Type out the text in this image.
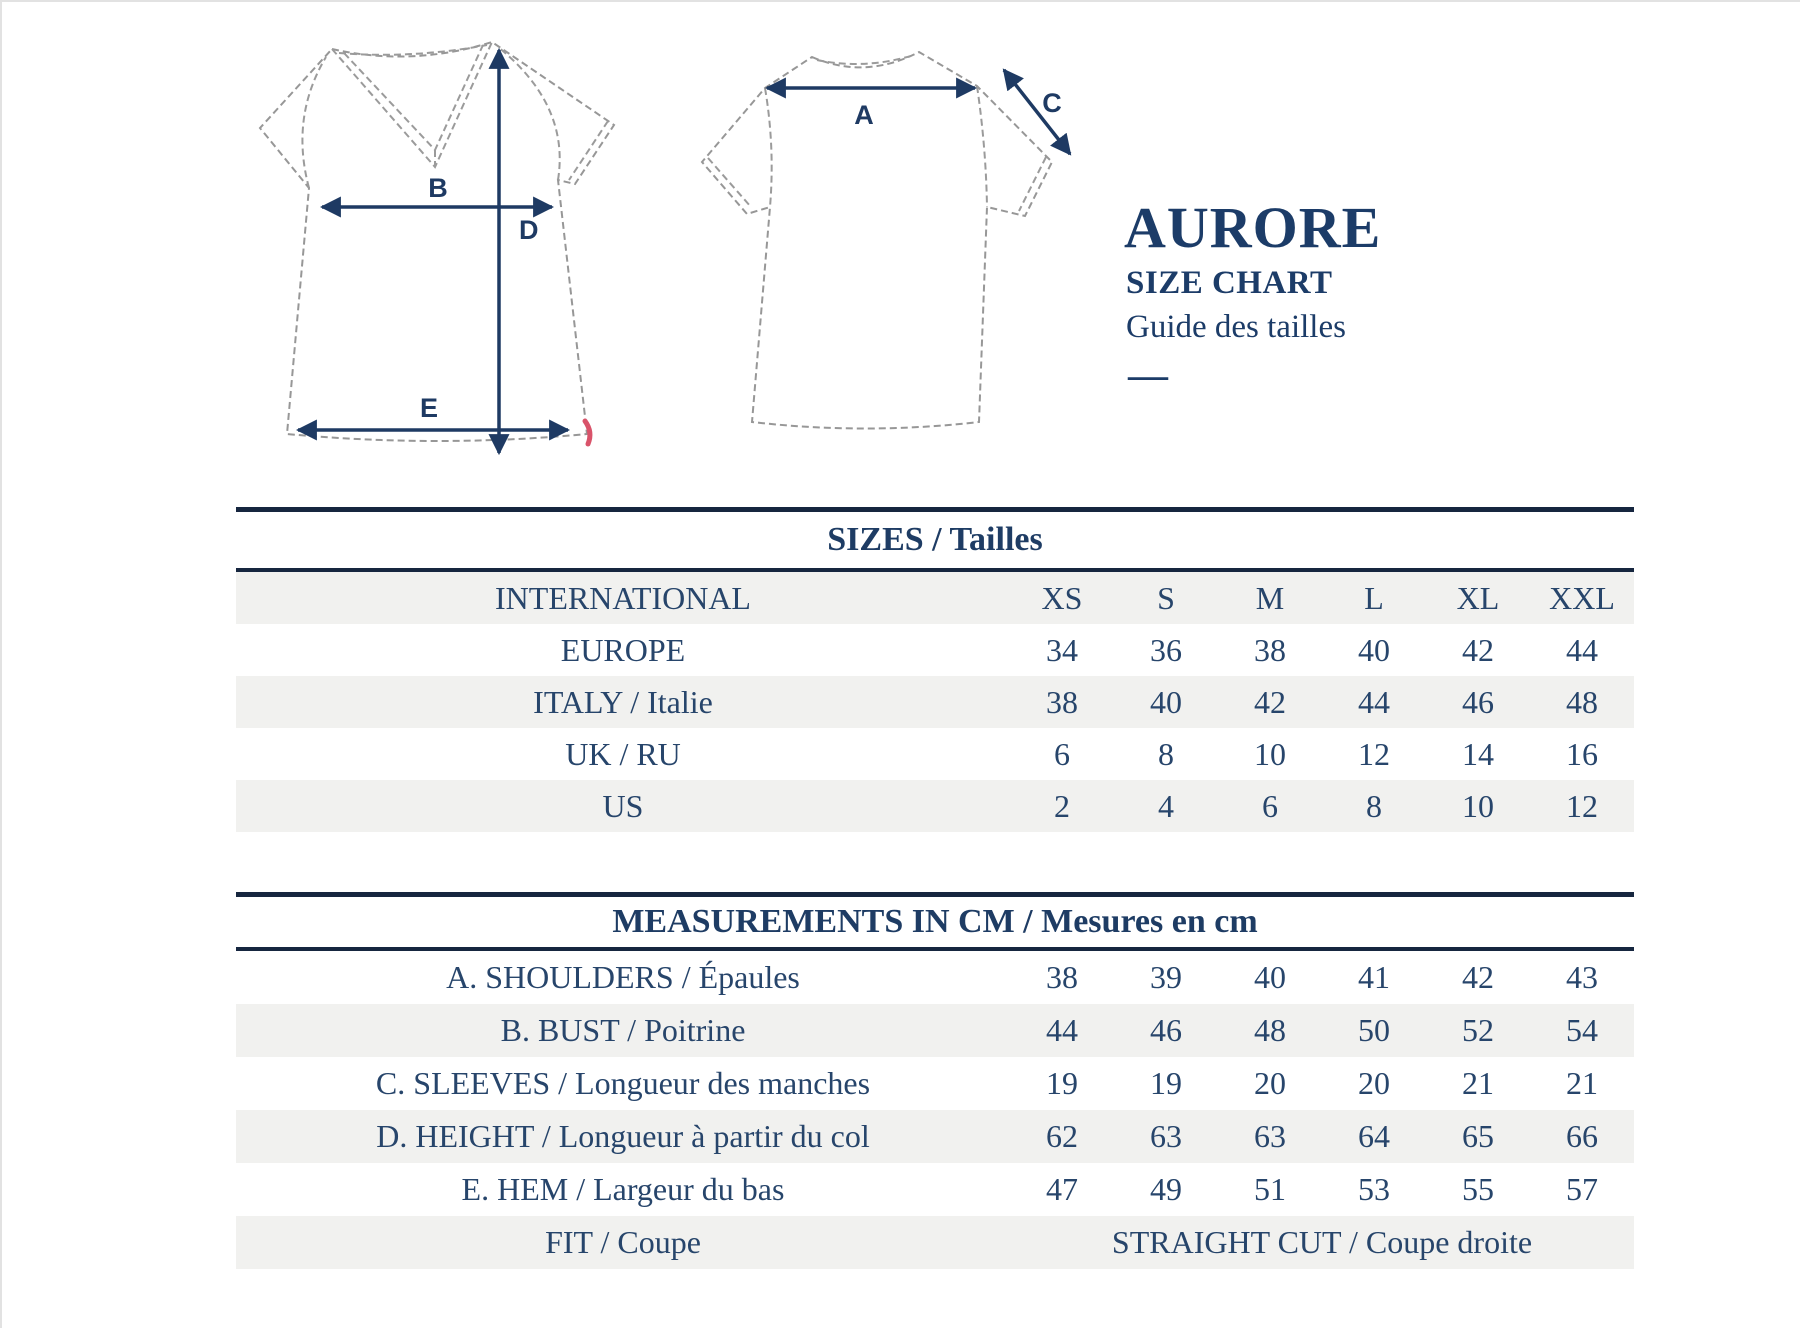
B
D
E
A	C
AURORE
SIZE CHART
Guide des tailles
—
SIZES / Tailles
INTERNATIONAL	XS	S	M	L	XL	XXL
EUROPE	34	36	38	40	42	44
ITALY / Italie	38	40	42	44	46	48
UK / RU	6	8	10	12	14	16
US	2	4	6	8	10	12
MEASUREMENTS IN CM / Mesures en cm
A. SHOULDERS / Épaules	38	39	40	41	42	43
B. BUST / Poitrine	44	46	48	50	52	54
C. SLEEVES / Longueur des manches	19	19	20	20	21	21
D. HEIGHT / Longueur à partir du col	62	63	63	64	65	66
E. HEM / Largeur du bas	47	49	51	53	55	57
FIT / Coupe	STRAIGHT CUT / Coupe droite					
